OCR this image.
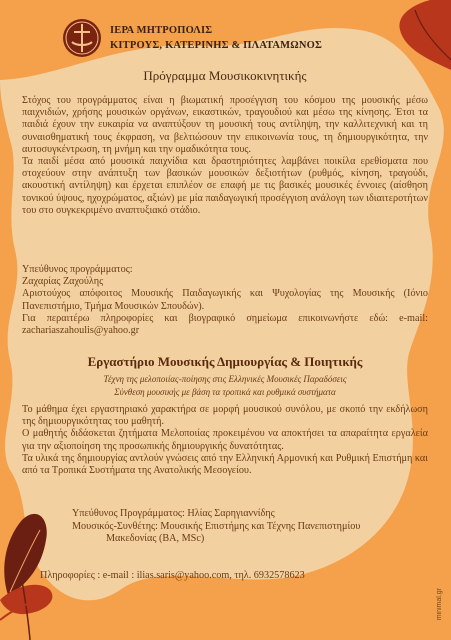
ΙΕΡΑ ΜΗΤΡΟΠΟΛΙΣ
ΚΙΤΡΟΥΣ, ΚΑΤΕΡΙΝΗΣ & ΠΛΑΤΑΜΩΝΟΣ
Πρόγραμμα Μουσικοκινητικής

Στόχος του προγράμματος είναι η βιωματική προσέγγιση του κόσμου της μουσικής μέσω παιχνιδιών, χρήσης μουσικών οργάνων, εικαστικών, τραγουδιού και μέσω της κίνησης. Έτσι τα παιδιά έχουν την ευκαιρία να αναπτύξουν τη μουσική τους αντίληψη, την καλλιτεχνική και τη συναισθηματική τους έκφραση, να βελτιώσουν την επικοινωνία τους, τη δημιουργικότητα, την αυτοσυγκέντρωση, τη μνήμη και την ομαδικότητα τους.

Τα παιδί μέσα από μουσικά παιχνίδια και δραστηριότητες λαμβάνει ποικίλα ερεθίσματα που στοχεύουν στην ανάπτυξη των βασικών μουσικών δεξιοτήτων (ρυθμός, κίνηση, τραγούδι, ακουστική αντίληψη) και έρχεται επιπλέον σε επαφή με τις βασικές μουσικές έννοιες (αίσθηση τονικού ύψους, ηχοχρώματος, αξιών) με μία παιδαγωγική προσέγγιση ανάλογη των ιδιαιτεροτήτων του στο συγκεκριμένο αναπτυξιακό στάδιο.

Υπεύθυνος προγράμματος:

Ζαχαρίας Ζαχούλης

Αριστούχος απόφοιτος Μουσικής Παιδαγωγικής και Ψυχολογίας της Μουσικής (Ιόνιο Πανεπιστήμιο, Τμήμα Μουσικών Σπουδών).

Για περαιτέρω πληροφορίες και βιογραφικό σημείωμα επικοινωνήστε εδώ: e-mail: zachariaszahoulis@yahoo.gr

Εργαστήριο Μουσικής Δημιουργίας & Ποιητικής
Τέχνη της μελοποιίας-ποίησης στις Ελληνικές Μουσικές Παραδόσεις
Σύνθεση μουσικής με βάση τα τροπικά και ρυθμικά συστήματα

Το μάθημα έχει εργαστηριακό χαρακτήρα σε μορφή μουσικού συνόλου, με σκοπό την εκδήλωση της δημιουργικότητας του μαθητή.

Ο μαθητής διδάσκεται ζητήματα Μελοποιίας προκειμένου να αποκτήσει τα απαραίτητα εργαλεία για την αξιοποίηση της προσωπικής δημιουργικής δυνατότητας.

Τα υλικά της δημιουργίας αντλούν γνώσεις από την Ελληνική Αρμονική και Ρυθμική Επιστήμη και από τα Τροπικά Συστήματα της Ανατολικής Μεσογείου.

Υπεύθυνος Προγράμματος: Ηλίας Σαρηγιαννίδης
Μουσικός-Συνθέτης: Μουσικής Επιστήμης και Τέχνης Πανεπιστημίου
Μακεδονίας (ΒΑ, MSc)
Πληροφορίες : e-mail : ilias.saris@yahoo.com, τηλ. 6932578623
minimal.gr
